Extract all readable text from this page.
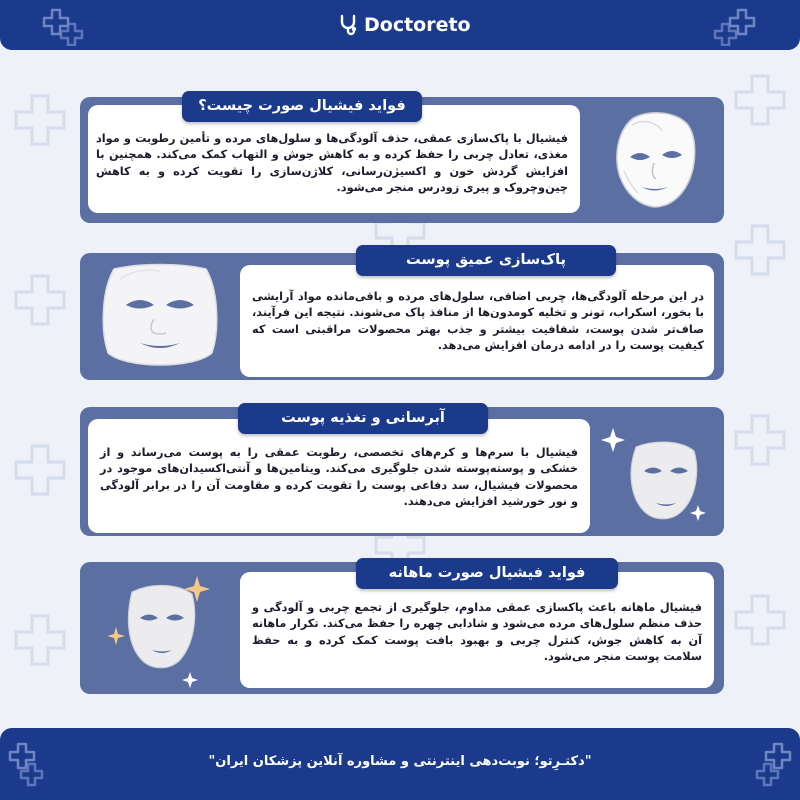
Doctoreto
فیشیال با پاک‌سازی عمقی، حذف آلودگی‌ها و سلول‌های مرده و تأمین رطوبت و مواد مغذی، تعادل چربی را حفظ کرده و به کاهش جوش و التهاب کمک می‌کند. همچنین با افزایش گردش خون و اکسیژن‌رسانی، کلاژن‌سازی را تقویت کرده و به کاهش چین‌وچروک و پیری زودرس منجر می‌شود.
فواید فیشیال صورت چیست؟
در این مرحله آلودگی‌ها، چربی اضافی، سلول‌های مرده و باقی‌مانده مواد آرایشی با بخور، اسکراب، تونر و تخلیه کومدون‌ها از منافذ پاک می‌شوند. نتیجه این فرآیند، صاف‌تر شدن پوست، شفافیت بیشتر و جذب بهتر محصولات مراقبتی است که کیفیت پوست را در ادامه درمان افزایش می‌دهد.
پاک‌سازی عمیق پوست
فیشیال با سرم‌ها و کرم‌های تخصصی، رطوبت عمقی را به پوست می‌رساند و از خشکی و پوسته‌پوسته شدن جلوگیری می‌کند. ویتامین‌ها و آنتی‌اکسیدان‌های موجود در محصولات فیشیال، سد دفاعی پوست را تقویت کرده و مقاومت آن را در برابر آلودگی و نور خورشید افزایش می‌دهند.
آبرسانی و تغذیه پوست
فیشیال ماهانه باعث پاکسازی عمقی مداوم، جلوگیری از تجمع چربی و آلودگی و حذف منظم سلول‌های مرده می‌شود و شادابی چهره را حفظ می‌کند. تکرار ماهانه آن به کاهش جوش، کنترل چربی و بهبود بافت پوست کمک کرده و به حفظ سلامت پوست منجر می‌شود.
فواید فیشیال صورت ماهانه
"دکتـرِتو؛ نوبت‌دهی اینترنتی و مشاوره آنلاین پزشکان ایران"
